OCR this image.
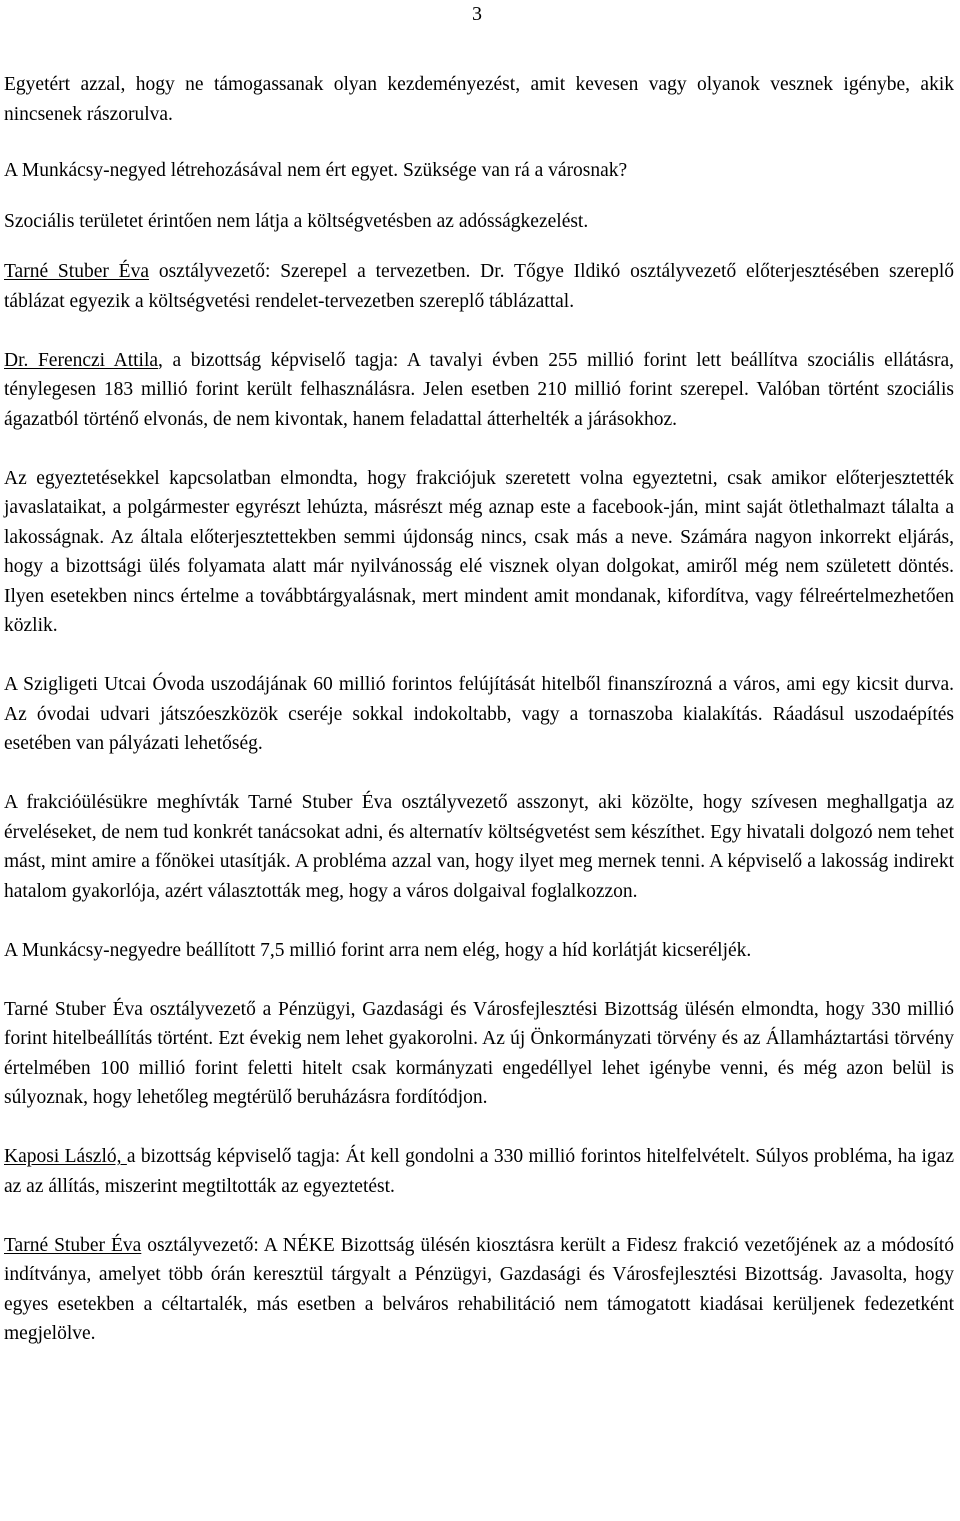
3

Egyetért azzal, hogy ne támogassanak olyan kezdeményezést, amit kevesen vagy olyanok vesznek igénybe, akik nincsenek rászorulva.

A Munkácsy-negyed létrehozásával nem ért egyet. Szüksége van rá a városnak?

Szociális területet érintően nem látja a költségvetésben az adósságkezelést.

Tarné Stuber Éva osztályvezető: Szerepel a tervezetben. Dr. Tőgye Ildikó osztályvezető előterjesztésében szereplő táblázat egyezik a költségvetési rendelet-tervezetben szereplő táblázattal.

Dr. Ferenczi Attila, a bizottság képviselő tagja: A tavalyi évben 255 millió forint lett beállítva szociális ellátásra, ténylegesen 183 millió forint került felhasználásra. Jelen esetben 210 millió forint szerepel. Valóban történt szociális ágazatból történő elvonás, de nem kivontak, hanem feladattal átterhelték a járásokhoz.

Az egyeztetésekkel kapcsolatban elmondta, hogy frakciójuk szeretett volna egyeztetni, csak amikor előterjesztették javaslataikat, a polgármester egyrészt lehúzta, másrészt még aznap este a facebook-ján, mint saját ötlethalmazt tálalta a lakosságnak. Az általa előterjesztettekben semmi újdonság nincs, csak más a neve. Számára nagyon inkorrekt eljárás, hogy a bizottsági ülés folyamata alatt már nyilvánosság elé visznek olyan dolgokat, amiről még nem született döntés. Ilyen esetekben nincs értelme a továbbtárgyalásnak, mert mindent amit mondanak, kifordítva, vagy félreértelmezhetően közlik.

A Szigligeti Utcai Óvoda uszodájának 60 millió forintos felújítását hitelből finanszírozná a város, ami egy kicsit durva. Az óvodai udvari játszóeszközök cseréje sokkal indokoltabb, vagy a tornaszoba kialakítás. Ráadásul uszodaépítés esetében van pályázati lehetőség.

A frakcióülésükre meghívták Tarné Stuber Éva osztályvezető asszonyt, aki közölte, hogy szívesen meghallgatja az érveléseket, de nem tud konkrét tanácsokat adni, és alternatív költségvetést sem készíthet. Egy hivatali dolgozó nem tehet mást, mint amire a főnökei utasítják. A probléma azzal van, hogy ilyet meg mernek tenni. A képviselő a lakosság indirekt hatalom gyakorlója, azért választották meg, hogy a város dolgaival foglalkozzon.

A Munkácsy-negyedre beállított 7,5 millió forint arra nem elég, hogy a híd korlátját kicseréljék.

Tarné Stuber Éva osztályvezető a Pénzügyi, Gazdasági és Városfejlesztési Bizottság ülésén elmondta, hogy 330 millió forint hitelbeállítás történt. Ezt évekig nem lehet gyakorolni. Az új Önkormányzati törvény és az Államháztartási törvény értelmében 100 millió forint feletti hitelt csak kormányzati engedéllyel lehet igénybe venni, és még azon belül is súlyoznak, hogy lehetőleg megtérülő beruházásra fordítódjon.

Kaposi László, a bizottság képviselő tagja: Át kell gondolni a 330 millió forintos hitelfelvételt. Súlyos probléma, ha igaz az az állítás, miszerint megtiltották az egyeztetést.

Tarné Stuber Éva osztályvezető: A NÉKE Bizottság ülésén kiosztásra került a Fidesz frakció vezetőjének az a módosító indítványa, amelyet több órán keresztül tárgyalt a Pénzügyi, Gazdasági és Városfejlesztési Bizottság. Javasolta, hogy egyes esetekben a céltartalék, más esetben a belváros rehabilitáció nem támogatott kiadásai kerüljenek fedezetként megjelölve.
